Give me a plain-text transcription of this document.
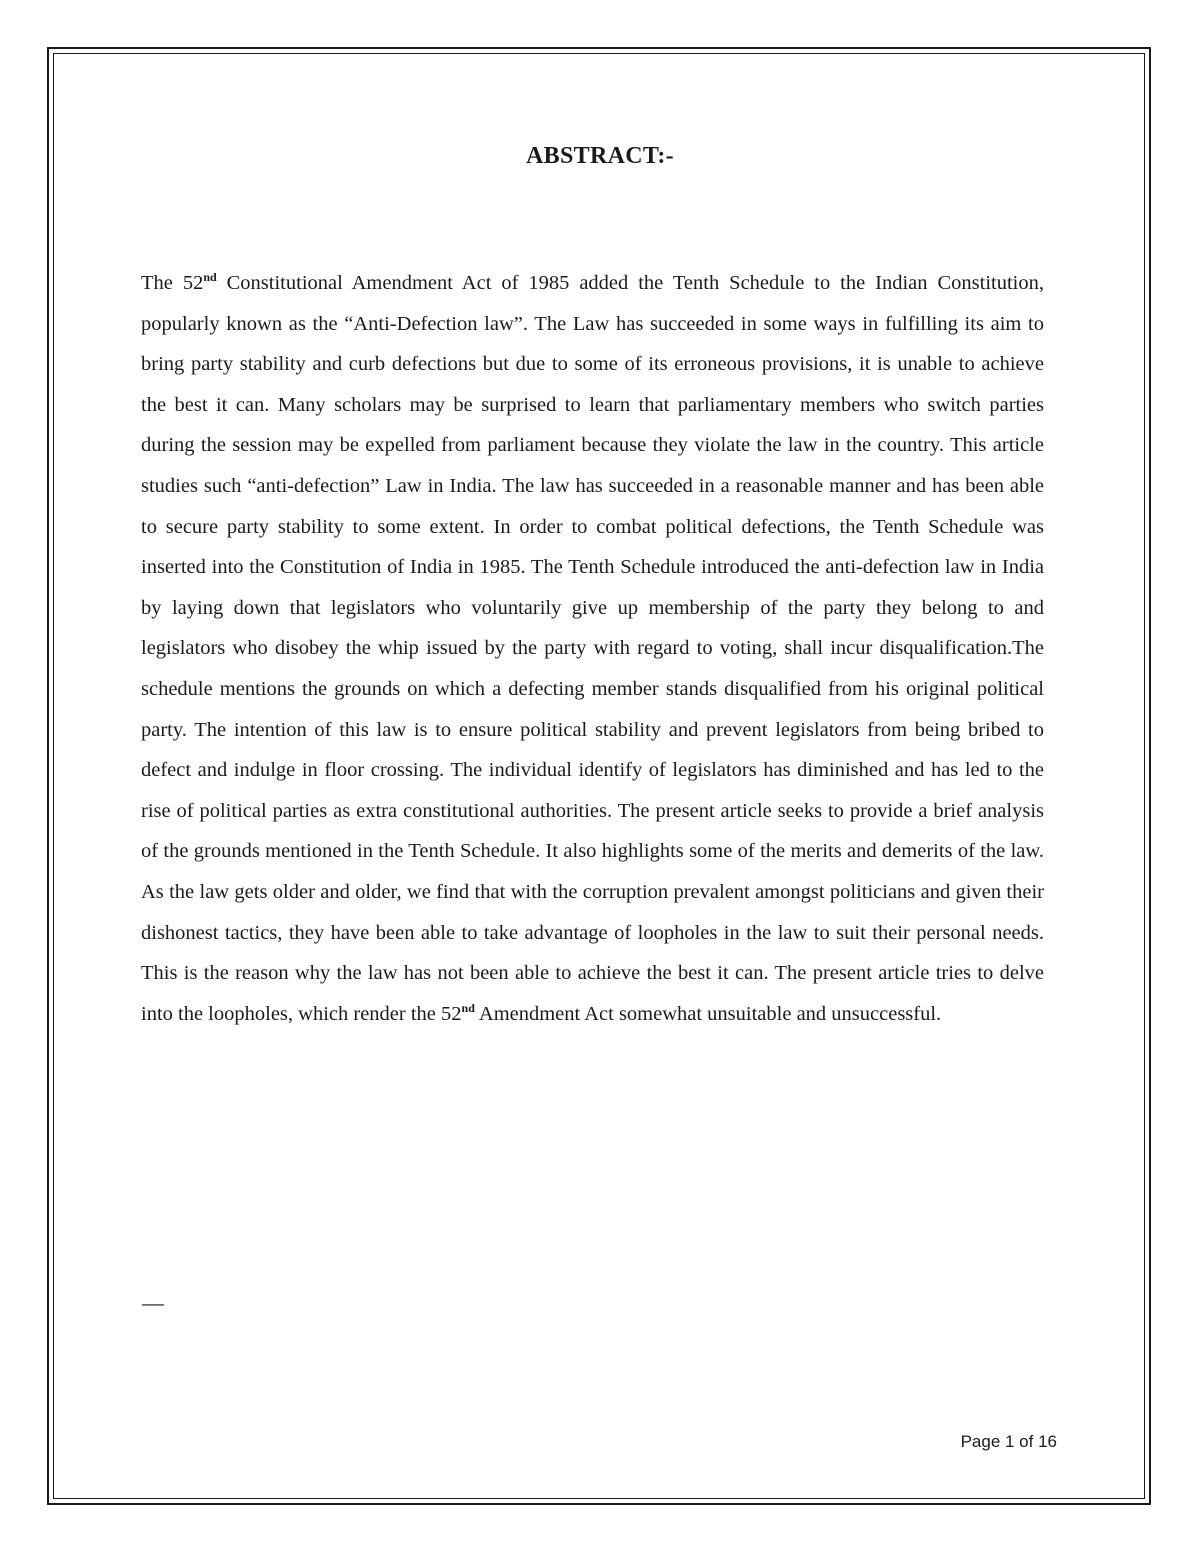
ABSTRACT:-

The 52nd Constitutional Amendment Act of 1985 added the Tenth Schedule to the Indian Constitution, popularly known as the “Anti-Defection law”. The Law has succeeded in some ways in fulfilling its aim to bring party stability and curb defections but due to some of its erroneous provisions, it is unable to achieve the best it can. Many scholars may be surprised to learn that parliamentary members who switch parties during the session may be expelled from parliament because they violate the law in the country. This article studies such “anti-defection” Law in India. The law has succeeded in a reasonable manner and has been able to secure party stability to some extent. In order to combat political defections, the Tenth Schedule was inserted into the Constitution of India in 1985. The Tenth Schedule introduced the anti-defection law in India by laying down that legislators who voluntarily give up membership of the party they belong to and legislators who disobey the whip issued by the party with regard to voting, shall incur disqualification.The schedule mentions the grounds on which a defecting member stands disqualified from his original political party. The intention of this law is to ensure political stability and prevent legislators from being bribed to defect and indulge in floor crossing. The individual identify of legislators has diminished and has led to the rise of political parties as extra constitutional authorities. The present article seeks to provide a brief analysis of the grounds mentioned in the Tenth Schedule. It also highlights some of the merits and demerits of the law. As the law gets older and older, we find that with the corruption prevalent amongst politicians and given their dishonest tactics, they have been able to take advantage of loopholes in the law to suit their personal needs. This is the reason why the law has not been able to achieve the best it can. The present article tries to delve into the loopholes, which render the 52nd Amendment Act somewhat unsuitable and unsuccessful.

—

Page 1 of 16
